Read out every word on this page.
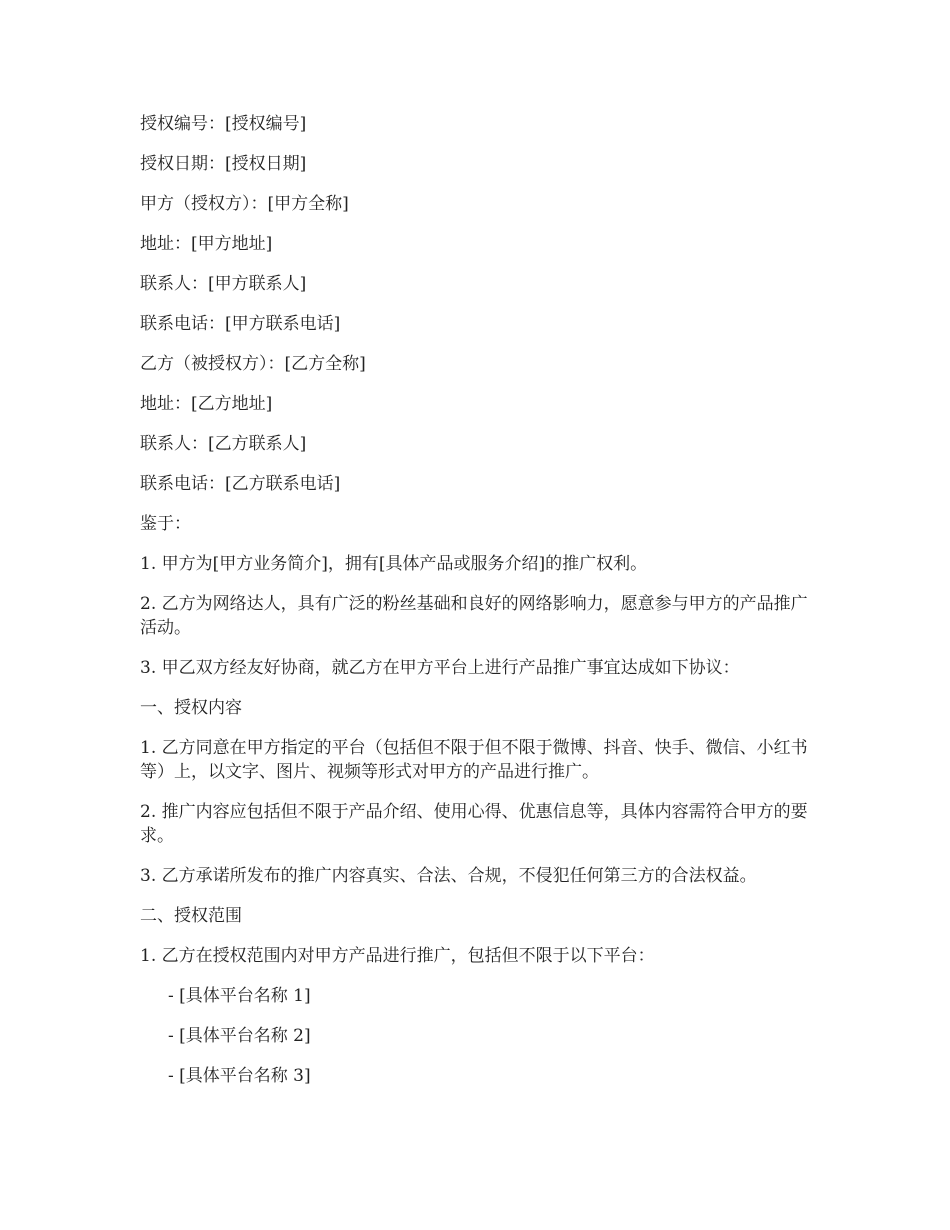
授权编号：[授权编号]

授权日期：[授权日期]

甲方（授权方）：[甲方全称]

地址：[甲方地址]

联系人：[甲方联系人]

联系电话：[甲方联系电话]

乙方（被授权方）：[乙方全称]

地址：[乙方地址]

联系人：[乙方联系人]

联系电话：[乙方联系电话]

鉴于：

1. 甲方为[甲方业务简介]，拥有[具体产品或服务介绍]的推广权利。

2. 乙方为网络达人，具有广泛的粉丝基础和良好的网络影响力，愿意参与甲方的产品推广活动。

3. 甲乙双方经友好协商，就乙方在甲方平台上进行产品推广事宜达成如下协议：

一、授权内容

1. 乙方同意在甲方指定的平台（包括但不限于但不限于微博、抖音、快手、微信、小红书等）上，以文字、图片、视频等形式对甲方的产品进行推广。

2. 推广内容应包括但不限于产品介绍、使用心得、优惠信息等，具体内容需符合甲方的要求。

3. 乙方承诺所发布的推广内容真实、合法、合规，不侵犯任何第三方的合法权益。

二、授权范围

1. 乙方在授权范围内对甲方产品进行推广，包括但不限于以下平台：

- [具体平台名称 1]

- [具体平台名称 2]

- [具体平台名称 3]
